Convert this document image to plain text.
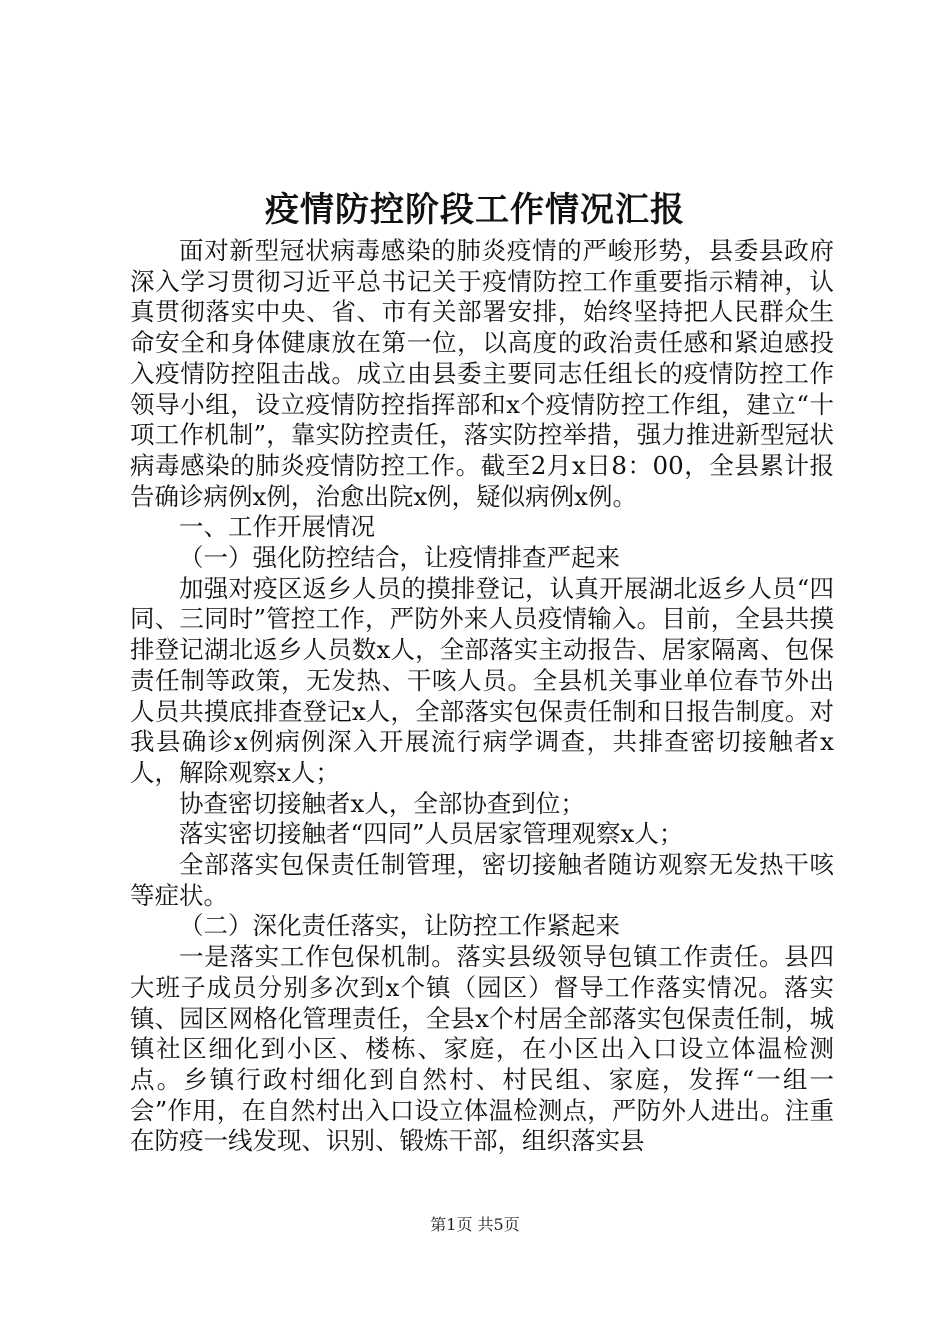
疫情防控阶段工作情况汇报

面对新型冠状病毒感染的肺炎疫情的严峻形势，县委县政府深入学习贯彻习近平总书记关于疫情防控工作重要指示精神，认真贯彻落实中央、省、市有关部署安排，始终坚持把人民群众生命安全和身体健康放在第一位，以高度的政治责任感和紧迫感投入疫情防控阻击战。成立由县委主要同志任组长的疫情防控工作领导小组，设立疫情防控指挥部和x个疫情防控工作组，建立“十项工作机制”，靠实防控责任，落实防控举措，强力推进新型冠状病毒感染的肺炎疫情防控工作。截至2月x日8：00，全县累计报告确诊病例x例，治愈出院x例，疑似病例x例。

一、工作开展情况

（一）强化防控结合，让疫情排查严起来

加强对疫区返乡人员的摸排登记，认真开展湖北返乡人员“四同、三同时”管控工作，严防外来人员疫情输入。目前，全县共摸排登记湖北返乡人员数x人，全部落实主动报告、居家隔离、包保责任制等政策，无发热、干咳人员。全县机关事业单位春节外出人员共摸底排查登记x人，全部落实包保责任制和日报告制度。对我县确诊x例病例深入开展流行病学调查，共排查密切接触者x人，解除观察x人；

协查密切接触者x人，全部协查到位；

落实密切接触者“四同”人员居家管理观察x人；

全部落实包保责任制管理，密切接触者随访观察无发热干咳等症状。

（二）深化责任落实，让防控工作紧起来

一是落实工作包保机制。落实县级领导包镇工作责任。县四大班子成员分别多次到x个镇（园区）督导工作落实情况。落实镇、园区网格化管理责任，全县x个村居全部落实包保责任制，城镇社区细化到小区、楼栋、家庭，在小区出入口设立体温检测点。乡镇行政村细化到自然村、村民组、家庭，发挥“一组一会”作用，在自然村出入口设立体温检测点，严防外人进出。注重在防疫一线发现、识别、锻炼干部，组织落实县

第1页 共5页
